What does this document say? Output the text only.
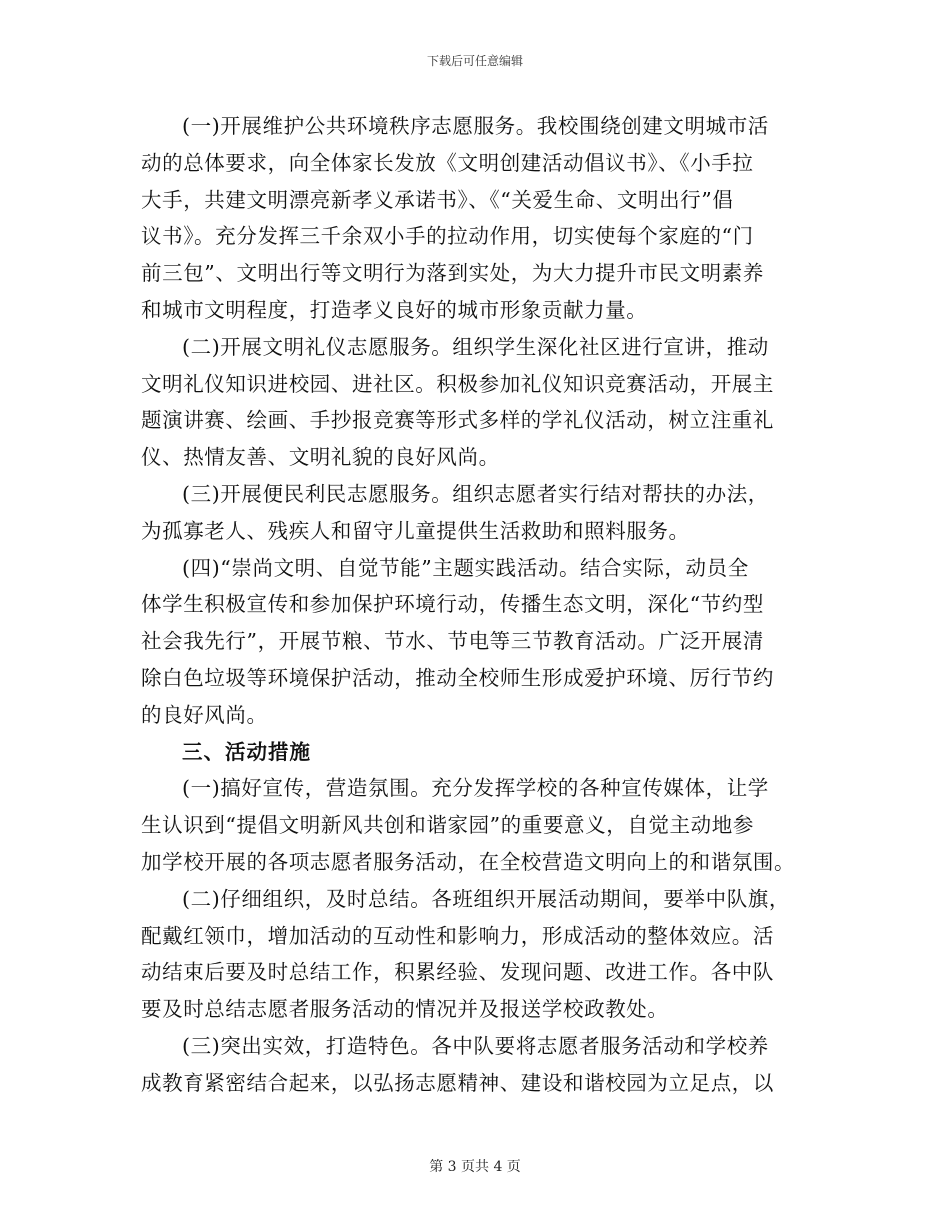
下载后可任意编辑

(一)开展维护公共环境秩序志愿服务。我校围绕创建文明城市活
动的总体要求，向全体家长发放《文明创建活动倡议书》、《小手拉
大手，共建文明漂亮新孝义承诺书》、《“关爱生命、文明出行”倡
议书》。充分发挥三千余双小手的拉动作用，切实使每个家庭的“门
前三包”、文明出行等文明行为落到实处，为大力提升市民文明素养
和城市文明程度，打造孝义良好的城市形象贡献力量。

(二)开展文明礼仪志愿服务。组织学生深化社区进行宣讲，推动
文明礼仪知识进校园、进社区。积极参加礼仪知识竞赛活动，开展主
题演讲赛、绘画、手抄报竞赛等形式多样的学礼仪活动，树立注重礼
仪、热情友善、文明礼貌的良好风尚。

(三)开展便民利民志愿服务。组织志愿者实行结对帮扶的办法，
为孤寡老人、残疾人和留守儿童提供生活救助和照料服务。

(四)“崇尚文明、自觉节能”主题实践活动。结合实际，动员全
体学生积极宣传和参加保护环境行动，传播生态文明，深化“节约型
社会我先行”，开展节粮、节水、节电等三节教育活动。广泛开展清
除白色垃圾等环境保护活动，推动全校师生形成爱护环境、厉行节约
的良好风尚。

三、活动措施

(一)搞好宣传，营造氛围。充分发挥学校的各种宣传媒体，让学
生认识到“提倡文明新风共创和谐家园”的重要意义，自觉主动地参
加学校开展的各项志愿者服务活动，在全校营造文明向上的和谐氛围。

(二)仔细组织，及时总结。各班组织开展活动期间，要举中队旗，
配戴红领巾，增加活动的互动性和影响力，形成活动的整体效应。活
动结束后要及时总结工作，积累经验、发现问题、改进工作。各中队
要及时总结志愿者服务活动的情况并及报送学校政教处。

(三)突出实效，打造特色。各中队要将志愿者服务活动和学校养
成教育紧密结合起来，以弘扬志愿精神、建设和谐校园为立足点，以

第 3 页共 4 页
